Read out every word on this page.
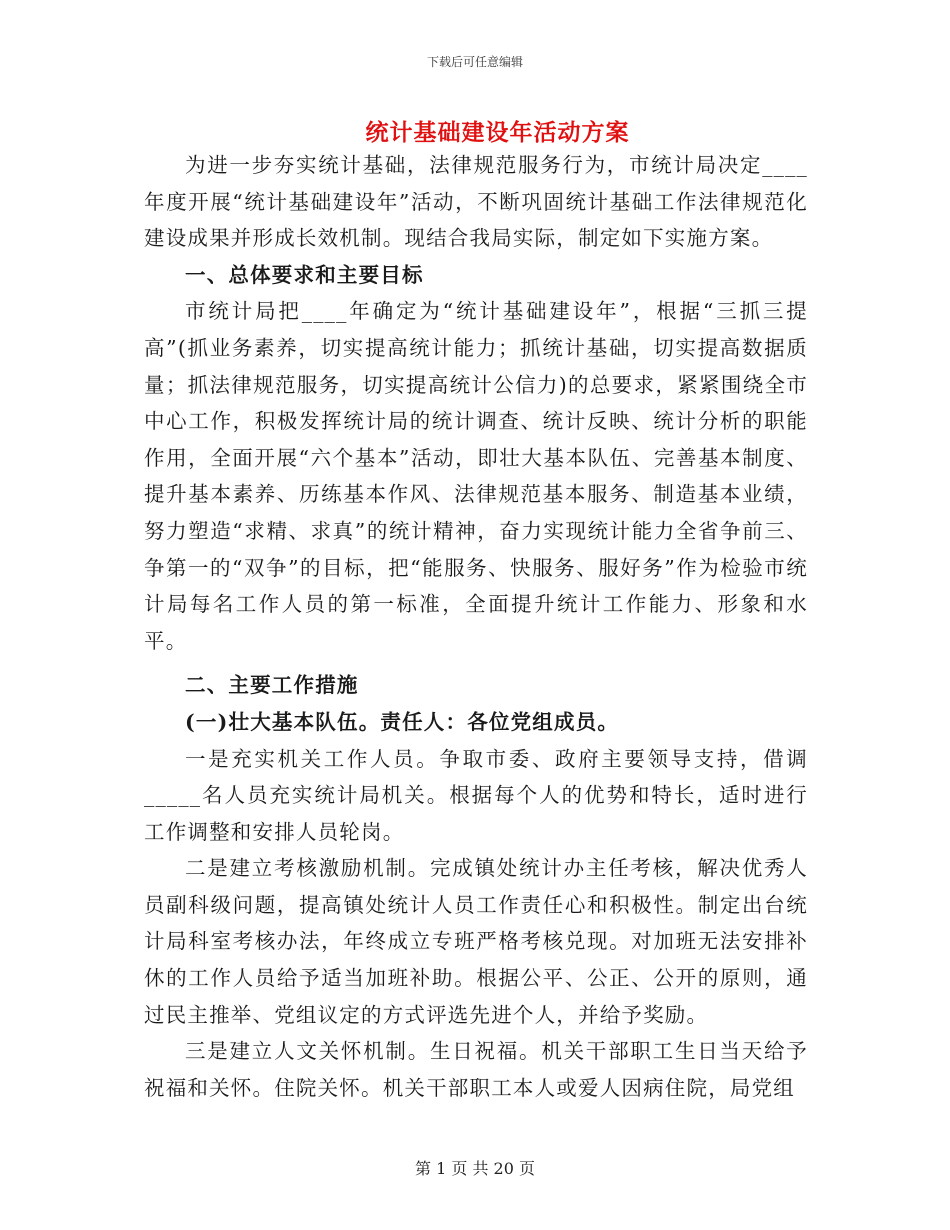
下载后可任意编辑
统计基础建设年活动方案

为进一步夯实统计基础，法律规范服务行为，市统计局决定____年度开展“统计基础建设年”活动，不断巩固统计基础工作法律规范化建设成果并形成长效机制。现结合我局实际，制定如下实施方案。

一、总体要求和主要目标

市统计局把____年确定为“统计基础建设年”，根据“三抓三提高”(抓业务素养，切实提高统计能力；抓统计基础，切实提高数据质量；抓法律规范服务，切实提高统计公信力)的总要求，紧紧围绕全市中心工作，积极发挥统计局的统计调查、统计反映、统计分析的职能作用，全面开展“六个基本”活动，即壮大基本队伍、完善基本制度、提升基本素养、历练基本作风、法律规范基本服务、制造基本业绩，努力塑造“求精、求真”的统计精神，奋力实现统计能力全省争前三、争第一的“双争”的目标，把“能服务、快服务、服好务”作为检验市统计局每名工作人员的第一标准，全面提升统计工作能力、形象和水平。

二、主要工作措施

(一)壮大基本队伍。责任人：各位党组成员。

一是充实机关工作人员。争取市委、政府主要领导支持，借调_____名人员充实统计局机关。根据每个人的优势和特长，适时进行工作调整和安排人员轮岗。

二是建立考核激励机制。完成镇处统计办主任考核，解决优秀人员副科级问题，提高镇处统计人员工作责任心和积极性。制定出台统计局科室考核办法，年终成立专班严格考核兑现。对加班无法安排补休的工作人员给予适当加班补助。根据公平、公正、公开的原则，通过民主推举、党组议定的方式评选先进个人，并给予奖励。

三是建立人文关怀机制。生日祝福。机关干部职工生日当天给予祝福和关怀。住院关怀。机关干部职工本人或爱人因病住院，局党组

第 1 页 共 20 页
